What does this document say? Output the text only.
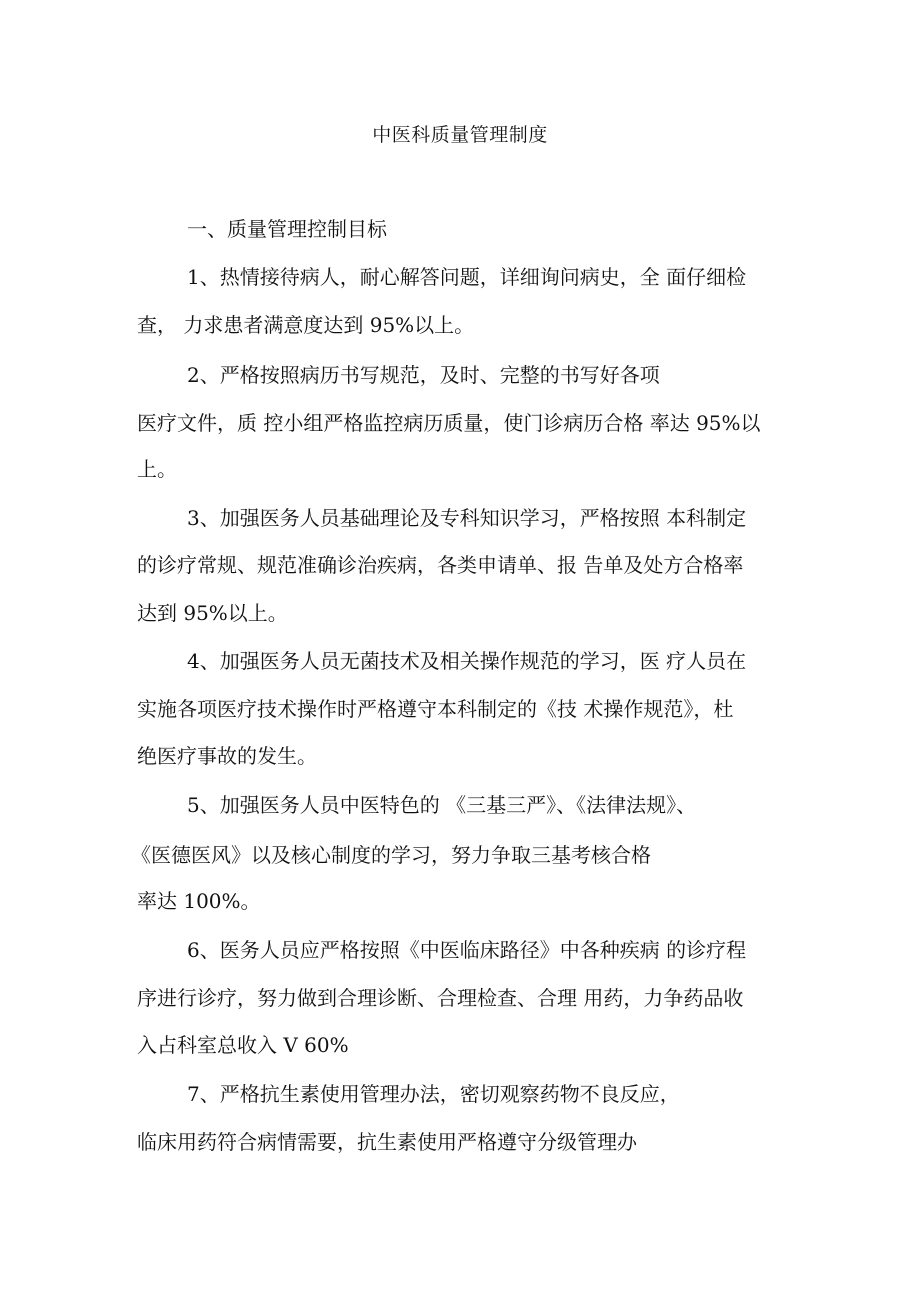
中医科质量管理制度
一、质量管理控制目标
1、热情接待病人，耐心解答问题，详细询问病史，全 面仔细检
查， 力求患者满意度达到 95%以上。
2、严格按照病历书写规范，及时、完整的书写好各项
医疗文件，质 控小组严格监控病历质量，使门诊病历合格 率达 95%以
上。
3、加强医务人员基础理论及专科知识学习，严格按照 本科制定
的诊疗常规、规范准确诊治疾病，各类申请单、报 告单及处方合格率
达到 95%以上。
4、加强医务人员无菌技术及相关操作规范的学习，医 疗人员在
实施各项医疗技术操作时严格遵守本科制定的《技 术操作规范》，杜
绝医疗事故的发生。
5、加强医务人员中医特色的 《三基三严》、《法律法规》、
《医德医风》以及核心制度的学习，努力争取三基考核合格
率达 100%。
6、医务人员应严格按照《中医临床路径》中各种疾病 的诊疗程
序进行诊疗，努力做到合理诊断、合理检查、合理 用药，力争药品收
入占科室总收入 V 60%
7、严格抗生素使用管理办法，密切观察药物不良反应，
临床用药符合病情需要，抗生素使用严格遵守分级管理办
